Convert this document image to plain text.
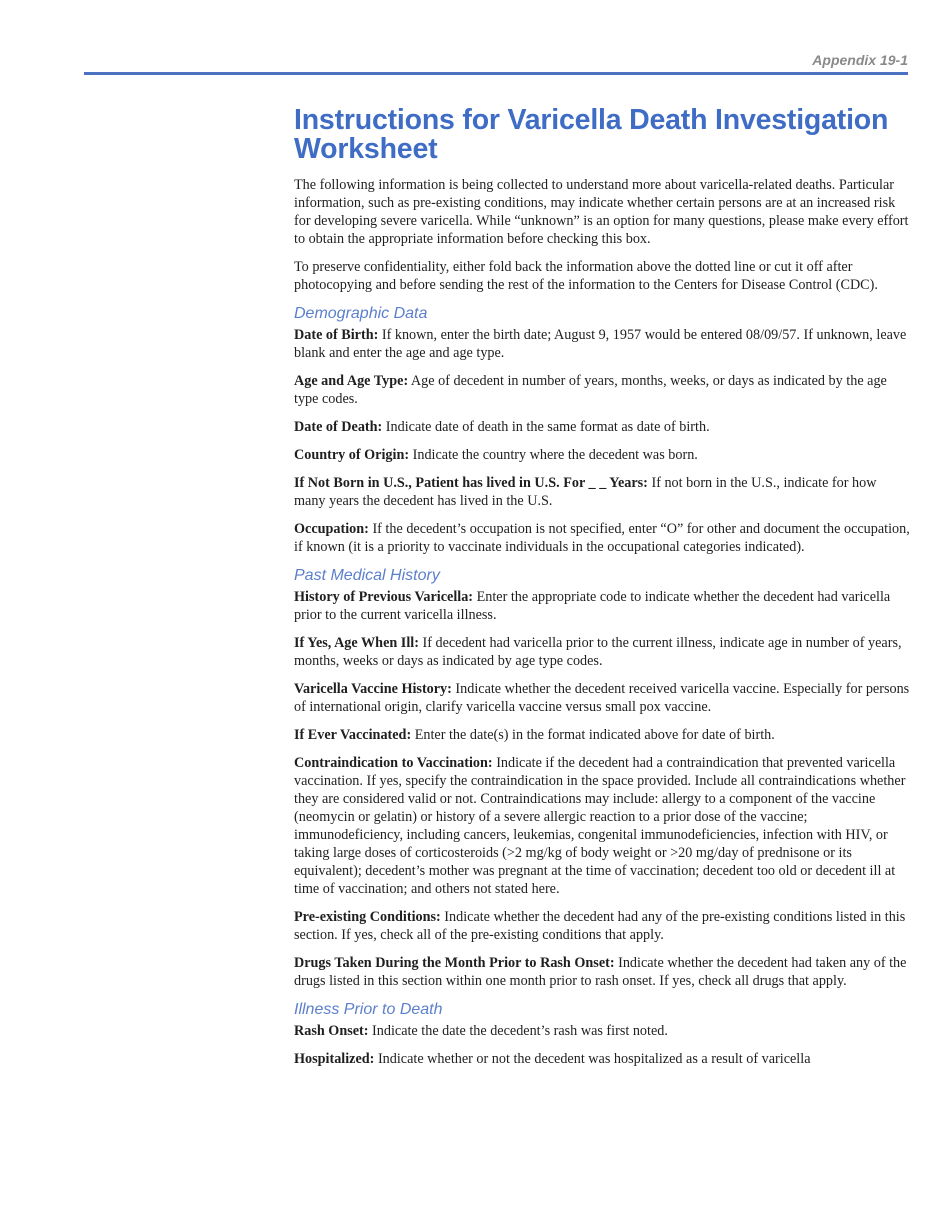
Appendix 19-1
Instructions for Varicella Death Investigation Worksheet

The following information is being collected to understand more about varicella-related deaths. Particular information, such as pre-existing conditions, may indicate whether certain persons are at an increased risk for developing severe varicella. While “unknown” is an option for many questions, please make every effort to obtain the appropriate information before checking this box.

To preserve confidentiality, either fold back the information above the dotted line or cut it off after photocopying and before sending the rest of the information to the Centers for Disease Control (CDC).

Demographic Data

Date of Birth: If known, enter the birth date; August 9, 1957 would be entered 08/09/57. If unknown, leave blank and enter the age and age type.

Age and Age Type: Age of decedent in number of years, months, weeks, or days as indicated by the age type codes.

Date of Death: Indicate date of death in the same format as date of birth.

Country of Origin: Indicate the country where the decedent was born.

If Not Born in U.S., Patient has lived in U.S. For _ _ Years: If not born in the U.S., indicate for how many years the decedent has lived in the U.S.

Occupation: If the decedent’s occupation is not specified, enter “O” for other and document the occupation, if known (it is a priority to vaccinate individuals in the occupational categories indicated).

Past Medical History

History of Previous Varicella: Enter the appropriate code to indicate whether the decedent had varicella prior to the current varicella illness.

If Yes, Age When Ill: If decedent had varicella prior to the current illness, indicate age in number of years, months, weeks or days as indicated by age type codes.

Varicella Vaccine History: Indicate whether the decedent received varicella vaccine. Especially for persons of international origin, clarify varicella vaccine versus small pox vaccine.

If Ever Vaccinated: Enter the date(s) in the format indicated above for date of birth.

Contraindication to Vaccination: Indicate if the decedent had a contraindication that prevented varicella vaccination. If yes, specify the contraindication in the space provided. Include all contraindications whether they are considered valid or not. Contraindications may include: allergy to a component of the vaccine (neomycin or gelatin) or history of a severe allergic reaction to a prior dose of the vaccine; immunodeficiency, including cancers, leukemias, congenital immunodeficiencies, infection with HIV, or taking large doses of corticosteroids (>2 mg/kg of body weight or >20 mg/day of prednisone or its equivalent); decedent’s mother was pregnant at the time of vaccination; decedent too old or decedent ill at time of vaccination; and others not stated here.

Pre-existing Conditions: Indicate whether the decedent had any of the pre-existing conditions listed in this section. If yes, check all of the pre-existing conditions that apply.

Drugs Taken During the Month Prior to Rash Onset: Indicate whether the decedent had taken any of the drugs listed in this section within one month prior to rash onset. If yes, check all drugs that apply.

Illness Prior to Death

Rash Onset: Indicate the date the decedent’s rash was first noted.

Hospitalized: Indicate whether or not the decedent was hospitalized as a result of varicella
